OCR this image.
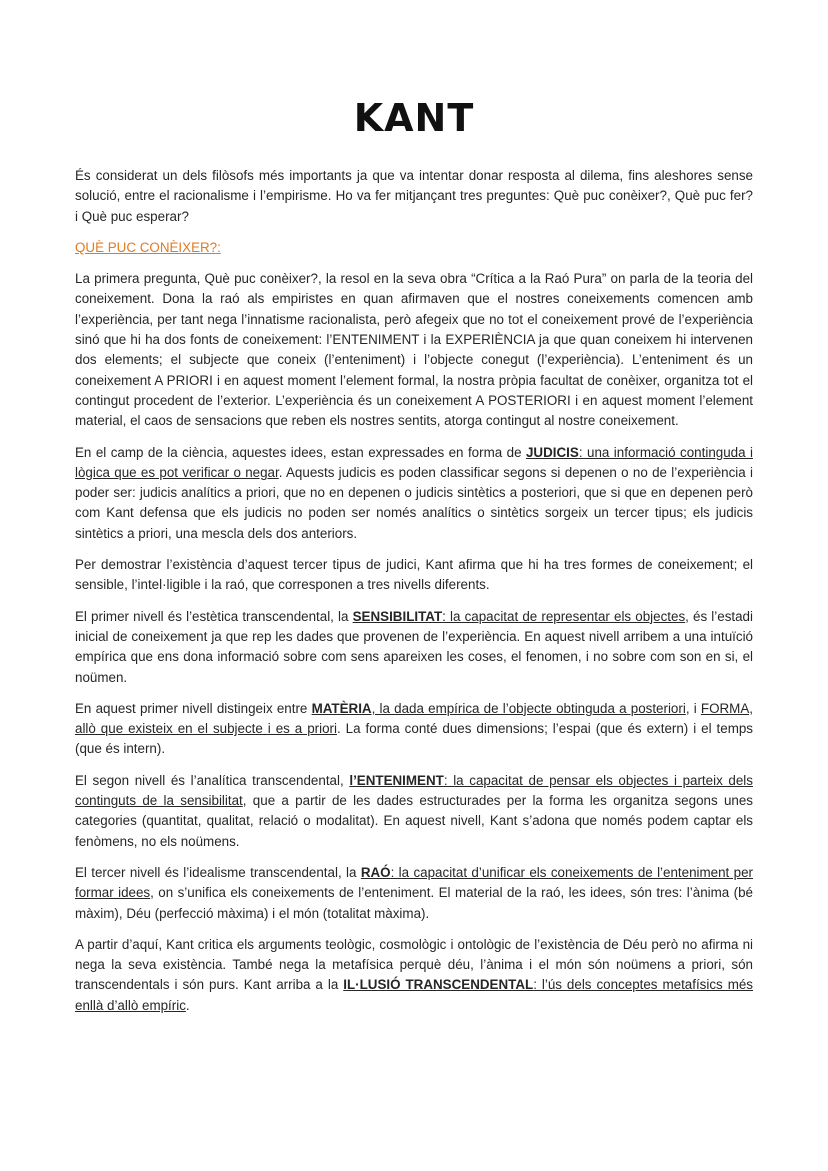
KANT

És considerat un dels filòsofs més importants ja que va intentar donar resposta al dilema, fins aleshores sense solució, entre el racionalisme i l’empirisme. Ho va fer mitjançant tres preguntes: Què puc conèixer?, Què puc fer? i Què puc esperar?

QUÈ PUC CONÈIXER?:

La primera pregunta, Què puc conèixer?, la resol en la seva obra “Crítica a la Raó Pura” on parla de la teoria del coneixement. Dona la raó als empiristes en quan afirmaven que el nostres coneixements comencen amb l’experiència, per tant nega l’innatisme racionalista, però afegeix que no tot el coneixement prové de l’experiència sinó que hi ha dos fonts de coneixement: l’ENTENIMENT i la EXPERIÈNCIA ja que quan coneixem hi intervenen dos elements; el subjecte que coneix (l’enteniment) i l’objecte conegut (l’experiència). L’enteniment és un coneixement A PRIORI i en aquest moment l’element formal, la nostra pròpia facultat de conèixer, organitza tot el contingut procedent de l’exterior. L’experiència és un coneixement A POSTERIORI i en aquest moment l’element material, el caos de sensacions que reben els nostres sentits, atorga contingut al nostre coneixement.

En el camp de la ciència, aquestes idees, estan expressades en forma de JUDICIS: una informació continguda i lògica que es pot verificar o negar. Aquests judicis es poden classificar segons si depenen o no de l’experiència i poder ser: judicis analítics a priori, que no en depenen o judicis sintètics a posteriori, que si que en depenen però com Kant defensa que els judicis no poden ser només analítics o sintètics sorgeix un tercer tipus; els judicis sintètics a priori, una mescla dels dos anteriors.

Per demostrar l’existència d’aquest tercer tipus de judici, Kant afirma que hi ha tres formes de coneixement; el sensible, l’intel·ligible i la raó, que corresponen a tres nivells diferents.

El primer nivell és l’estètica transcendental, la SENSIBILITAT: la capacitat de representar els objectes, és l’estadi inicial de coneixement ja que rep les dades que provenen de l’experiència. En aquest nivell arribem a una intuïció empírica que ens dona informació sobre com sens apareixen les coses, el fenomen, i no sobre com son en si, el noümen.

En aquest primer nivell distingeix entre MATÈRIA, la dada empírica de l’objecte obtinguda a posteriori, i FORMA, allò que existeix en el subjecte i es a priori. La forma conté dues dimensions; l’espai (que és extern) i el temps (que és intern).

El segon nivell és l’analítica transcendental, l’ENTENIMENT: la capacitat de pensar els objectes i parteix dels continguts de la sensibilitat, que a partir de les dades estructurades per la forma les organitza segons unes categories (quantitat, qualitat, relació o modalitat). En aquest nivell, Kant s’adona que només podem captar els fenòmens, no els noümens.

El tercer nivell és l’idealisme transcendental, la RAÓ: la capacitat d’unificar els coneixements de l’enteniment per formar idees, on s’unifica els coneixements de l’enteniment. El material de la raó, les idees, són tres: l’ànima (bé màxim), Déu (perfecció màxima) i el món (totalitat màxima).

A partir d’aquí, Kant critica els arguments teològic, cosmològic i ontològic de l’existència de Déu però no afirma ni nega la seva existència. També nega la metafísica perquè déu, l’ànima i el món són noümens a priori, són transcendentals i són purs. Kant arriba a la IL·LUSIÓ TRANSCENDENTAL: l’ús dels conceptes metafísics més enllà d’allò empíric.
